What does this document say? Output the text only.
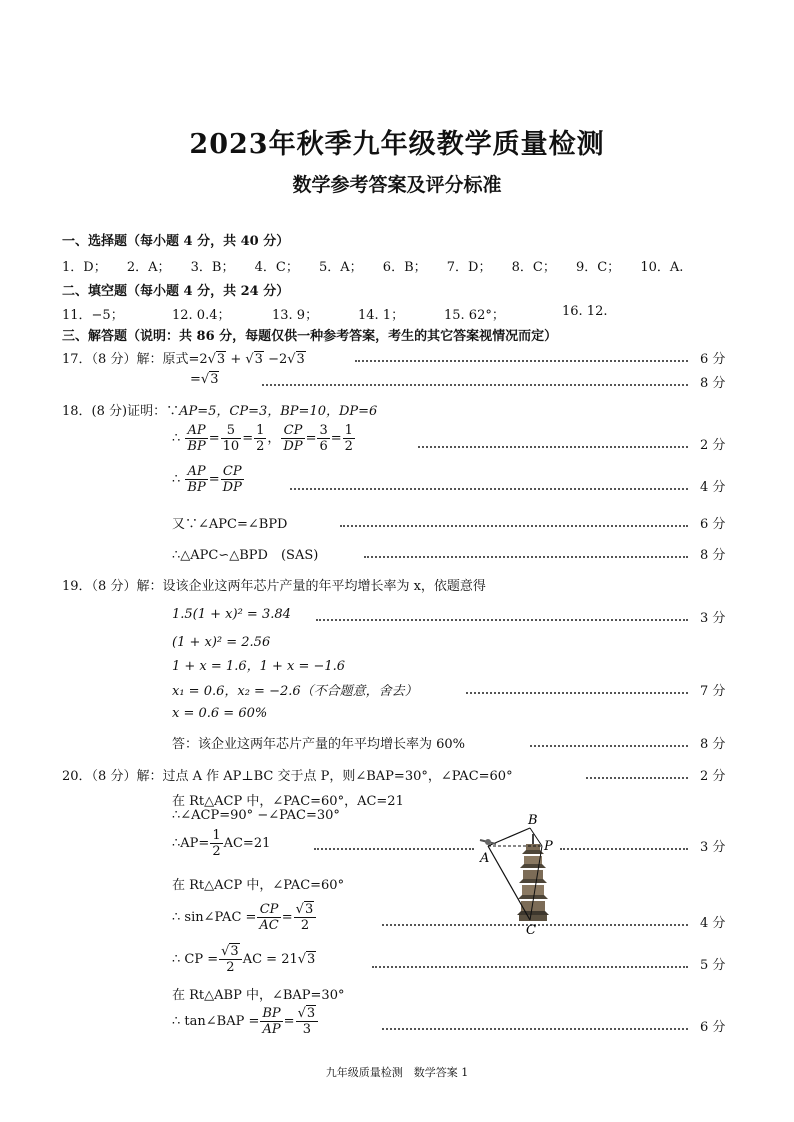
2023年秋季九年级教学质量检测
数学参考答案及评分标准
一、选择题（每小题 4 分，共 40 分）
1．D； 2．A； 3．B； 4．C； 5．A； 6．B； 7．D； 8．C； 9．C； 10．A.
二、填空题（每小题 4 分，共 24 分）
11．−5；	12. 0.4；	13. 9；	14. 1；	15. 62°；	16. 12.
三、解答题（说明：共 86 分，每题仅供一种参考答案，考生的其它答案视情况而定）
17．（8 分）解：原式=2√3 + √3 −2√3	6 分
=√3	8 分
18．(8 分)证明：∵AP=5，CP=3，BP=10，DP=6
∴ $\frac{AP}{BP} = \frac{5}{10} = \frac{1}{2}$ ， $\frac{CP}{DP} = \frac{3}{6} = \frac{1}{2}$	2 分
∴ $\frac{AP}{BP} = \frac{CP}{DP}$	4 分
又∵∠APC=∠BPD	6 分
∴△APC∽△BPD　(SAS)	8 分
19．（8 分）解：设该企业这两年芯片产量的年平均增长率为 x，依题意得
1.5(1 + x)² = 3.84	3 分
(1 + x)² = 2.56
1 + x = 1.6，1 + x = −1.6
x₁ = 0.6，x₂ = −2.6（不合题意，舍去）	7 分
x = 0.6 = 60%
答：该企业这两年芯片产量的年平均增长率为 60%	8 分
20．（8 分）解：过点 A 作 AP⊥BC 交于点 P，则∠BAP=30°，∠PAC=60°	2 分
在 Rt△ACP 中，∠PAC=60°，AC=21
∴∠ACP=90° −∠PAC=30°
∴AP= $\frac{1}{2} AC=21$	3 分
在 Rt△ACP 中，∠PAC=60°
∴ sin∠PAC = $\frac{CP}{AC} = \frac{√3}{2}$	4 分
∴ CP = $\frac{√3}{2}$ AC = 21√3	5 分
在 Rt△ABP 中，∠BAP=30°
∴ tan∠BAP = $\frac{BP}{AP} = \frac{√3}{3}$	6 分
B
P
A
C
九年级质量检测　数学答案 1
